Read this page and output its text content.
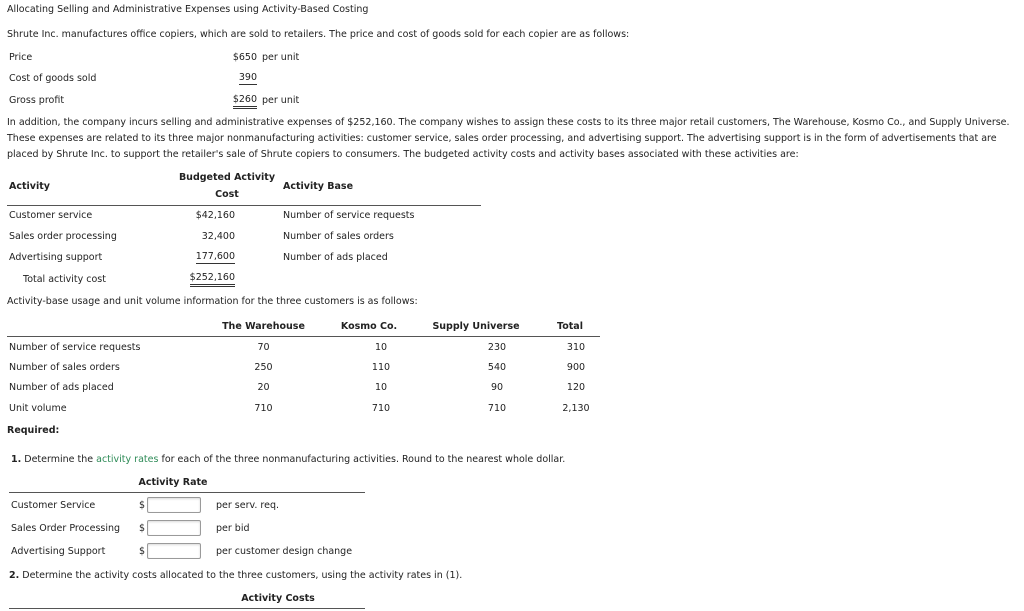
Allocating Selling and Administrative Expenses using Activity-Based Costing
Shrute Inc. manufactures office copiers, which are sold to retailers. The price and cost of goods sold for each copier are as follows:
Price	$650 per unit
Cost of goods sold	390
Gross profit	$260 per unit
In addition, the company incurs selling and administrative expenses of $252,160. The company wishes to assign these costs to its three major retail customers, The Warehouse, Kosmo Co., and Supply Universe. These expenses are related to its three major nonmanufacturing activities: customer service, sales order processing, and advertising support. The advertising support is in the form of advertisements that are placed by Shrute Inc. to support the retailer's sale of Shrute copiers to consumers. The budgeted activity costs and activity bases associated with these activities are:
Activity
Budgeted Activity
Cost
Activity Base
Customer service	$42,160	Number of service requests
Sales order processing	32,400	Number of sales orders
Advertising support	177,600	Number of ads placed
Total activity cost	$252,160
Activity-base usage and unit volume information for the three customers is as follows:
The Warehouse	Kosmo Co.	Supply Universe	Total
Number of service requests	70	10	230	310
Number of sales orders	250	110	540	900
Number of ads placed	20	10	90	120
Unit volume	710	710	710	2,130
Required:
1. Determine the activity rates for each of the three nonmanufacturing activities. Round to the nearest whole dollar.
Activity Rate
Customer Service	$	per serv. req.
Sales Order Processing $	per bid
Advertising Support	$	per customer design change
2. Determine the activity costs allocated to the three customers, using the activity rates in (1).
Activity Costs
